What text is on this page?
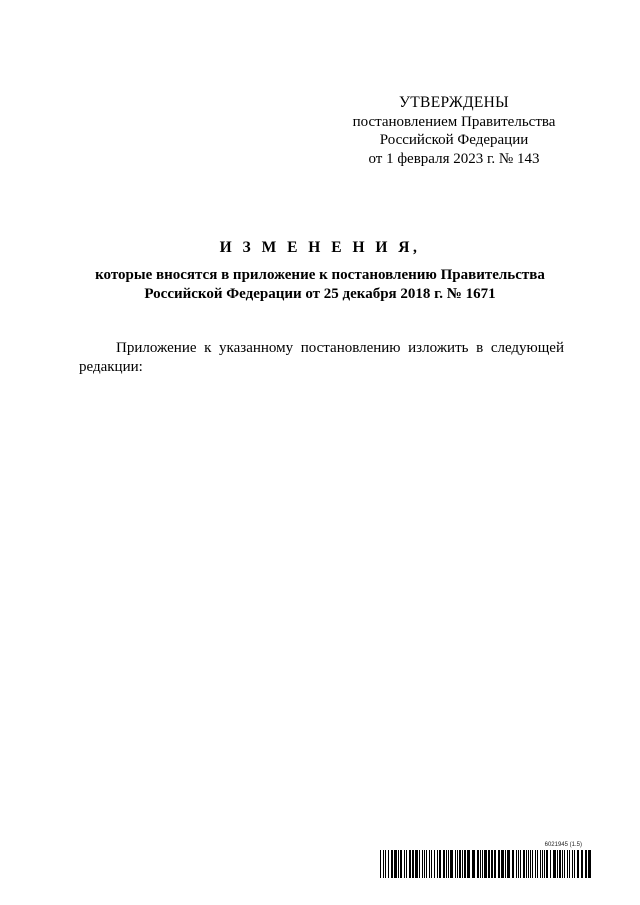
УТВЕРЖДЕНЫ
постановлением Правительства
Российской Федерации
от 1 февраля 2023 г. № 143
И З М Е Н Е Н И Я,
которые вносятся в приложение к постановлению Правительства
Российской Федерации от 25 декабря 2018 г. № 1671
Приложение к указанному постановлению изложить в следующей редакции:
6021945 (1.5)
